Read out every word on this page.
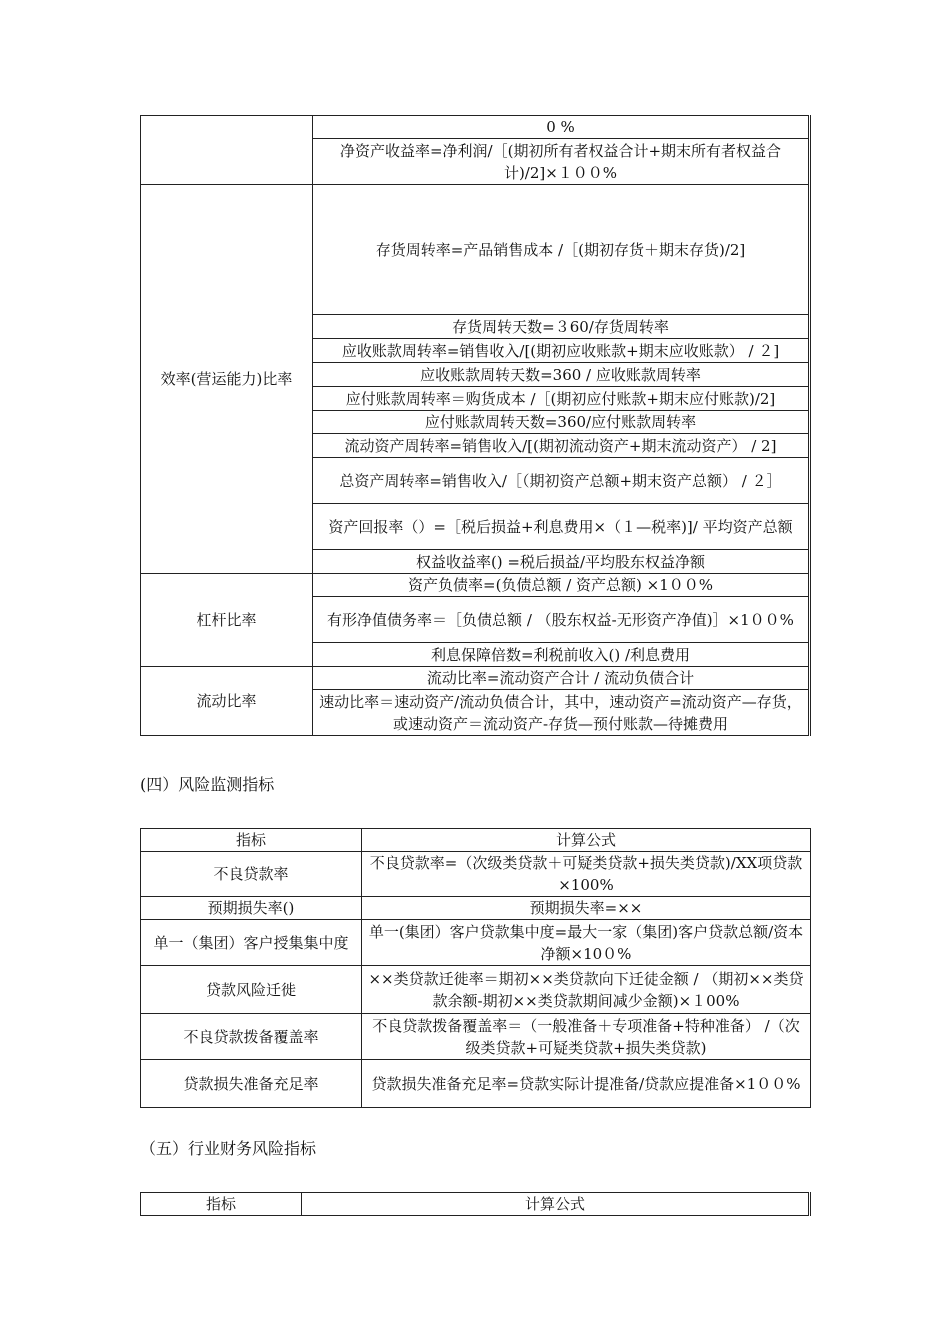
	0 %
	净资产收益率=净利润/［(期初所有者权益合计+期末所有者权益合计)/2]×１００%
效率(营运能力)比率	存货周转率=产品销售成本 /［(期初存货＋期末存货)/2]
	存货周转天数=３60/存货周转率
	应收账款周转率=销售收入/[(期初应收账款+期末应收账款） / ２]
	应收账款周转天数=360 / 应收账款周转率
	应付账款周转率＝购货成本 /［(期初应付账款+期末应付账款)/2]
	应付账款周转天数=360/应付账款周转率
	流动资产周转率=销售收入/[(期初流动资产+期末流动资产） / 2]
	总资产周转率=销售收入/［（期初资产总额+期末资产总额） / ２］
	资产回报率（）=［税后损益+利息费用×（１—税率)]/ 平均资产总额
	权益收益率() =税后损益/平均股东权益净额
杠杆比率	资产负债率=(负债总额 / 资产总额) ×1００%
	有形净值债务率＝［负债总额 / （股东权益-无形资产净值)］×1００%
	利息保障倍数=利税前收入() /利息费用
流动比率	流动比率=流动资产合计 / 流动负债合计
	速动比率＝速动资产/流动负债合计，其中，速动资产=流动资产—存货，或速动资产＝流动资产-存货—预付账款—待摊费用
(四）风险监测指标
指标	计算公式
不良贷款率	不良贷款率=（次级类贷款＋可疑类贷款+损失类贷款)/XX项贷款×100%
预期损失率()	预期损失率=××
单一（集团）客户授集集中度	单一(集团）客户贷款集中度=最大一家（集团)客户贷款总额/资本净额×10０%
贷款风险迁徙	××类贷款迁徙率＝期初××类贷款向下迁徒金额 / （期初××类贷款余额-期初××类贷款期间减少金额)×１00%
不良贷款拨备覆盖率	不良贷款拨备覆盖率＝（一般准备＋专项准备+特种准备） /（次级类贷款+可疑类贷款+损失类贷款)
贷款损失准备充足率	贷款损失准备充足率=贷款实际计提准备/贷款应提准备×1００%
（五）行业财务风险指标
指标	计算公式
